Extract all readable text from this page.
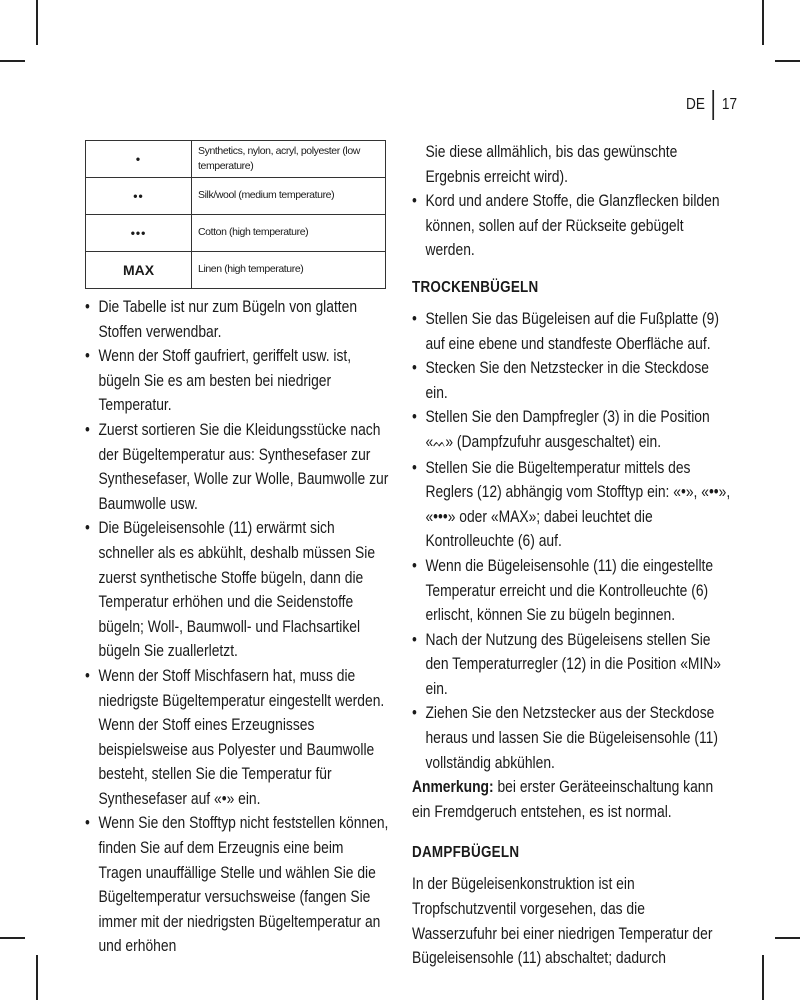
DE 17
•	Synthetics, nylon, acryl, polyester (low temperature)
••	Silk/wool (medium temperature)
•••	Cotton (high temperature)
MAX	Linen (high temperature)
• Die Tabelle ist nur zum Bügeln von glatten Stoffen verwendbar.
• Wenn der Stoff gaufriert, geriffelt usw. ist, bügeln Sie es am besten bei niedriger Temperatur.
• Zuerst sortieren Sie die Kleidungsstücke nach der Bügeltemperatur aus: Synthesefaser zur Synthesefaser, Wolle zur Wolle, Baumwolle zur Baumwolle usw.
• Die Bügeleisensohle (11) erwärmt sich schneller als es abkühlt, deshalb müssen Sie zuerst synthetische Stoffe bügeln, dann die Temperatur erhöhen und die Seidenstoffe bügeln; Woll-, Baumwoll- und Flachsartikel bügeln Sie zuallerletzt.
• Wenn der Stoff Mischfasern hat, muss die niedrigste Bügeltemperatur eingestellt werden. Wenn der Stoff eines Erzeugnisses beispielsweise aus Polyester und Baumwolle besteht, stellen Sie die Temperatur für Synthesefaser auf «•» ein.
• Wenn Sie den Stofftyp nicht feststellen können, finden Sie auf dem Erzeugnis eine beim Tragen unauffällige Stelle und wählen Sie die Bügeltemperatur versuchsweise (fangen Sie immer mit der niedrigsten Bügeltemperatur an und erhöhen
Sie diese allmählich, bis das gewünschte Ergebnis erreicht wird).
• Kord und andere Stoffe, die Glanzflecken bilden können, sollen auf der Rückseite gebügelt werden.
TROCKENBÜGELN
• Stellen Sie das Bügeleisen auf die Fußplatte (9) auf eine ebene und standfeste Oberfläche auf.
• Stecken Sie den Netzstecker in die Steckdose ein.
• Stellen Sie den Dampfregler (3) in die Position «ᨓ» (Dampfzufuhr ausgeschaltet) ein.
• Stellen Sie die Bügeltemperatur mittels des Reglers (12) abhängig vom Stofftyp ein: «•», «••», «•••» oder «MAX»; dabei leuchtet die Kontrolleuchte (6) auf.
• Wenn die Bügeleisensohle (11) die eingestellte Temperatur erreicht und die Kontrolleuchte (6) erlischt, können Sie zu bügeln beginnen.
• Nach der Nutzung des Bügeleisens stellen Sie den Temperaturregler (12) in die Position «MIN» ein.
• Ziehen Sie den Netzstecker aus der Steckdose heraus und lassen Sie die Bügeleisensohle (11) vollständig abkühlen.

Anmerkung: bei erster Geräteeinschaltung kann ein Fremdgeruch entstehen, es ist normal.

DAMPFBÜGELN

In der Bügeleisenkonstruktion ist ein Tropfschutzventil vorgesehen, das die Wasserzufuhr bei einer niedrigen Temperatur der Bügeleisensohle (11) abschaltet; dadurch
